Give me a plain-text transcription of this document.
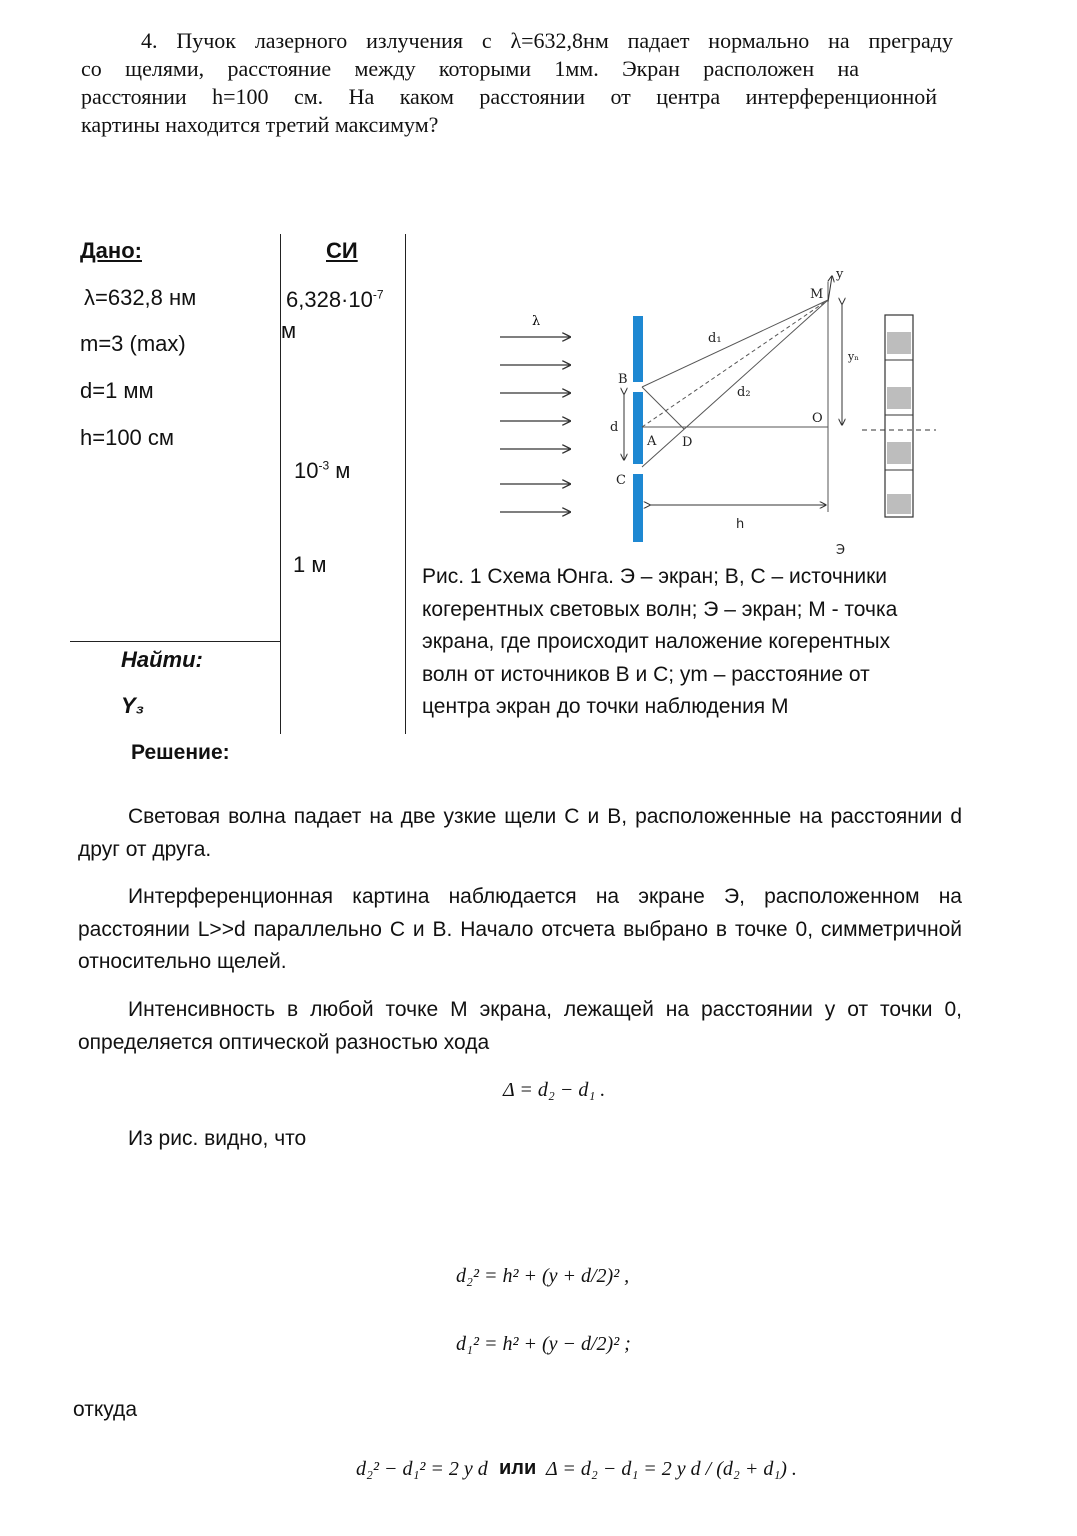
4. Пучок лазерного излучения с λ=632,8нм падает нормально на преграду

со щелями, расстояние между которыми 1мм. Экран расположен на

расстоянии h=100 см. На каком расстоянии от центра интерференционной

картины находится третий максимум?

Дано:	СИ
λ=632,8 нм
m=3 (max)
d=1 мм
h=100 см
$6,328\cdot 10^{-7}$
м
$10^{-3}$ м
1 м
Найти:
Y₃
λ
B
C
A D
d
d₁
d₂
M
y
yₙ
O
h
Э

Рис. 1 Схема Юнга. Э – экран; B, C – источники

когерентных световых волн; Э – экран; М - точка

экрана, где происходит наложение когерентных

волн от источников В и С; ym – расстояние от

центра экран до точки наблюдения М

Решение:

Световая волна падает на две узкие щели С и В, расположенные на расстоянии d друг от друга.

Интерференционная картина наблюдается на экране Э, расположенном на расстоянии L>>d параллельно С и В. Начало отсчета выбрано в точке 0, симметричной относительно щелей.

Интенсивность в любой точке М экрана, лежащей на расстоянии y от точки 0, определяется оптической разностью хода

Δ = d₂ − d₁ .
Из рис. видно, что
d₂² = h² + (y + d/2)² ,
d₁² = h² + (y − d/2)² ;
откуда
d₂² − d₁² = 2 y d или Δ = d₂ − d₁ = 2 y d / (d₂ + d₁) .
